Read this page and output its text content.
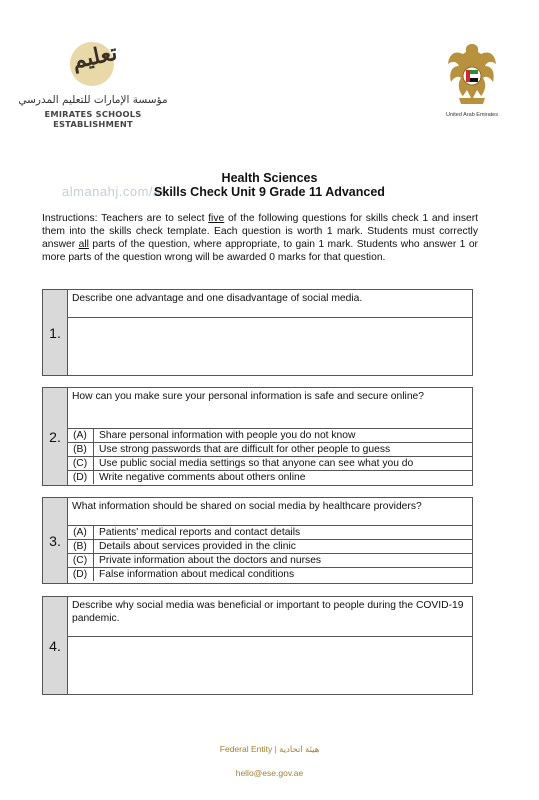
تعليم
مؤسسة الإمارات للتعليم المدرسي
EMIRATES SCHOOLS ESTABLISHMENT
United Arab Emirates
almanahj.com/ae
Health Sciences
Skills Check Unit 9 Grade 11 Advanced
Instructions: Teachers are to select five of the following questions for skills check 1 and insert them into the skills check template. Each question is worth 1 mark. Students must correctly answer all parts of the question, where appropriate, to gain 1 mark. Students who answer 1 or more parts of the question wrong will be awarded 0 marks for that question.
1.
Describe one advantage and one disadvantage of social media.
2.
How can you make sure your personal information is safe and secure online?
(A)	Share personal information with people you do not know
(B)	Use strong passwords that are difficult for other people to guess
(C)	Use public social media settings so that anyone can see what you do
(D)	Write negative comments about others online
3.
What information should be shared on social media by healthcare providers?
(A)	Patients' medical reports and contact details
(B)	Details about services provided in the clinic
(C)	Private information about the doctors and nurses
(D)	False information about medical conditions
4.
Describe why social media was beneficial or important to people during the COVID-19 pandemic.
Federal Entity | هيئة اتحادية
hello@ese.gov.ae
